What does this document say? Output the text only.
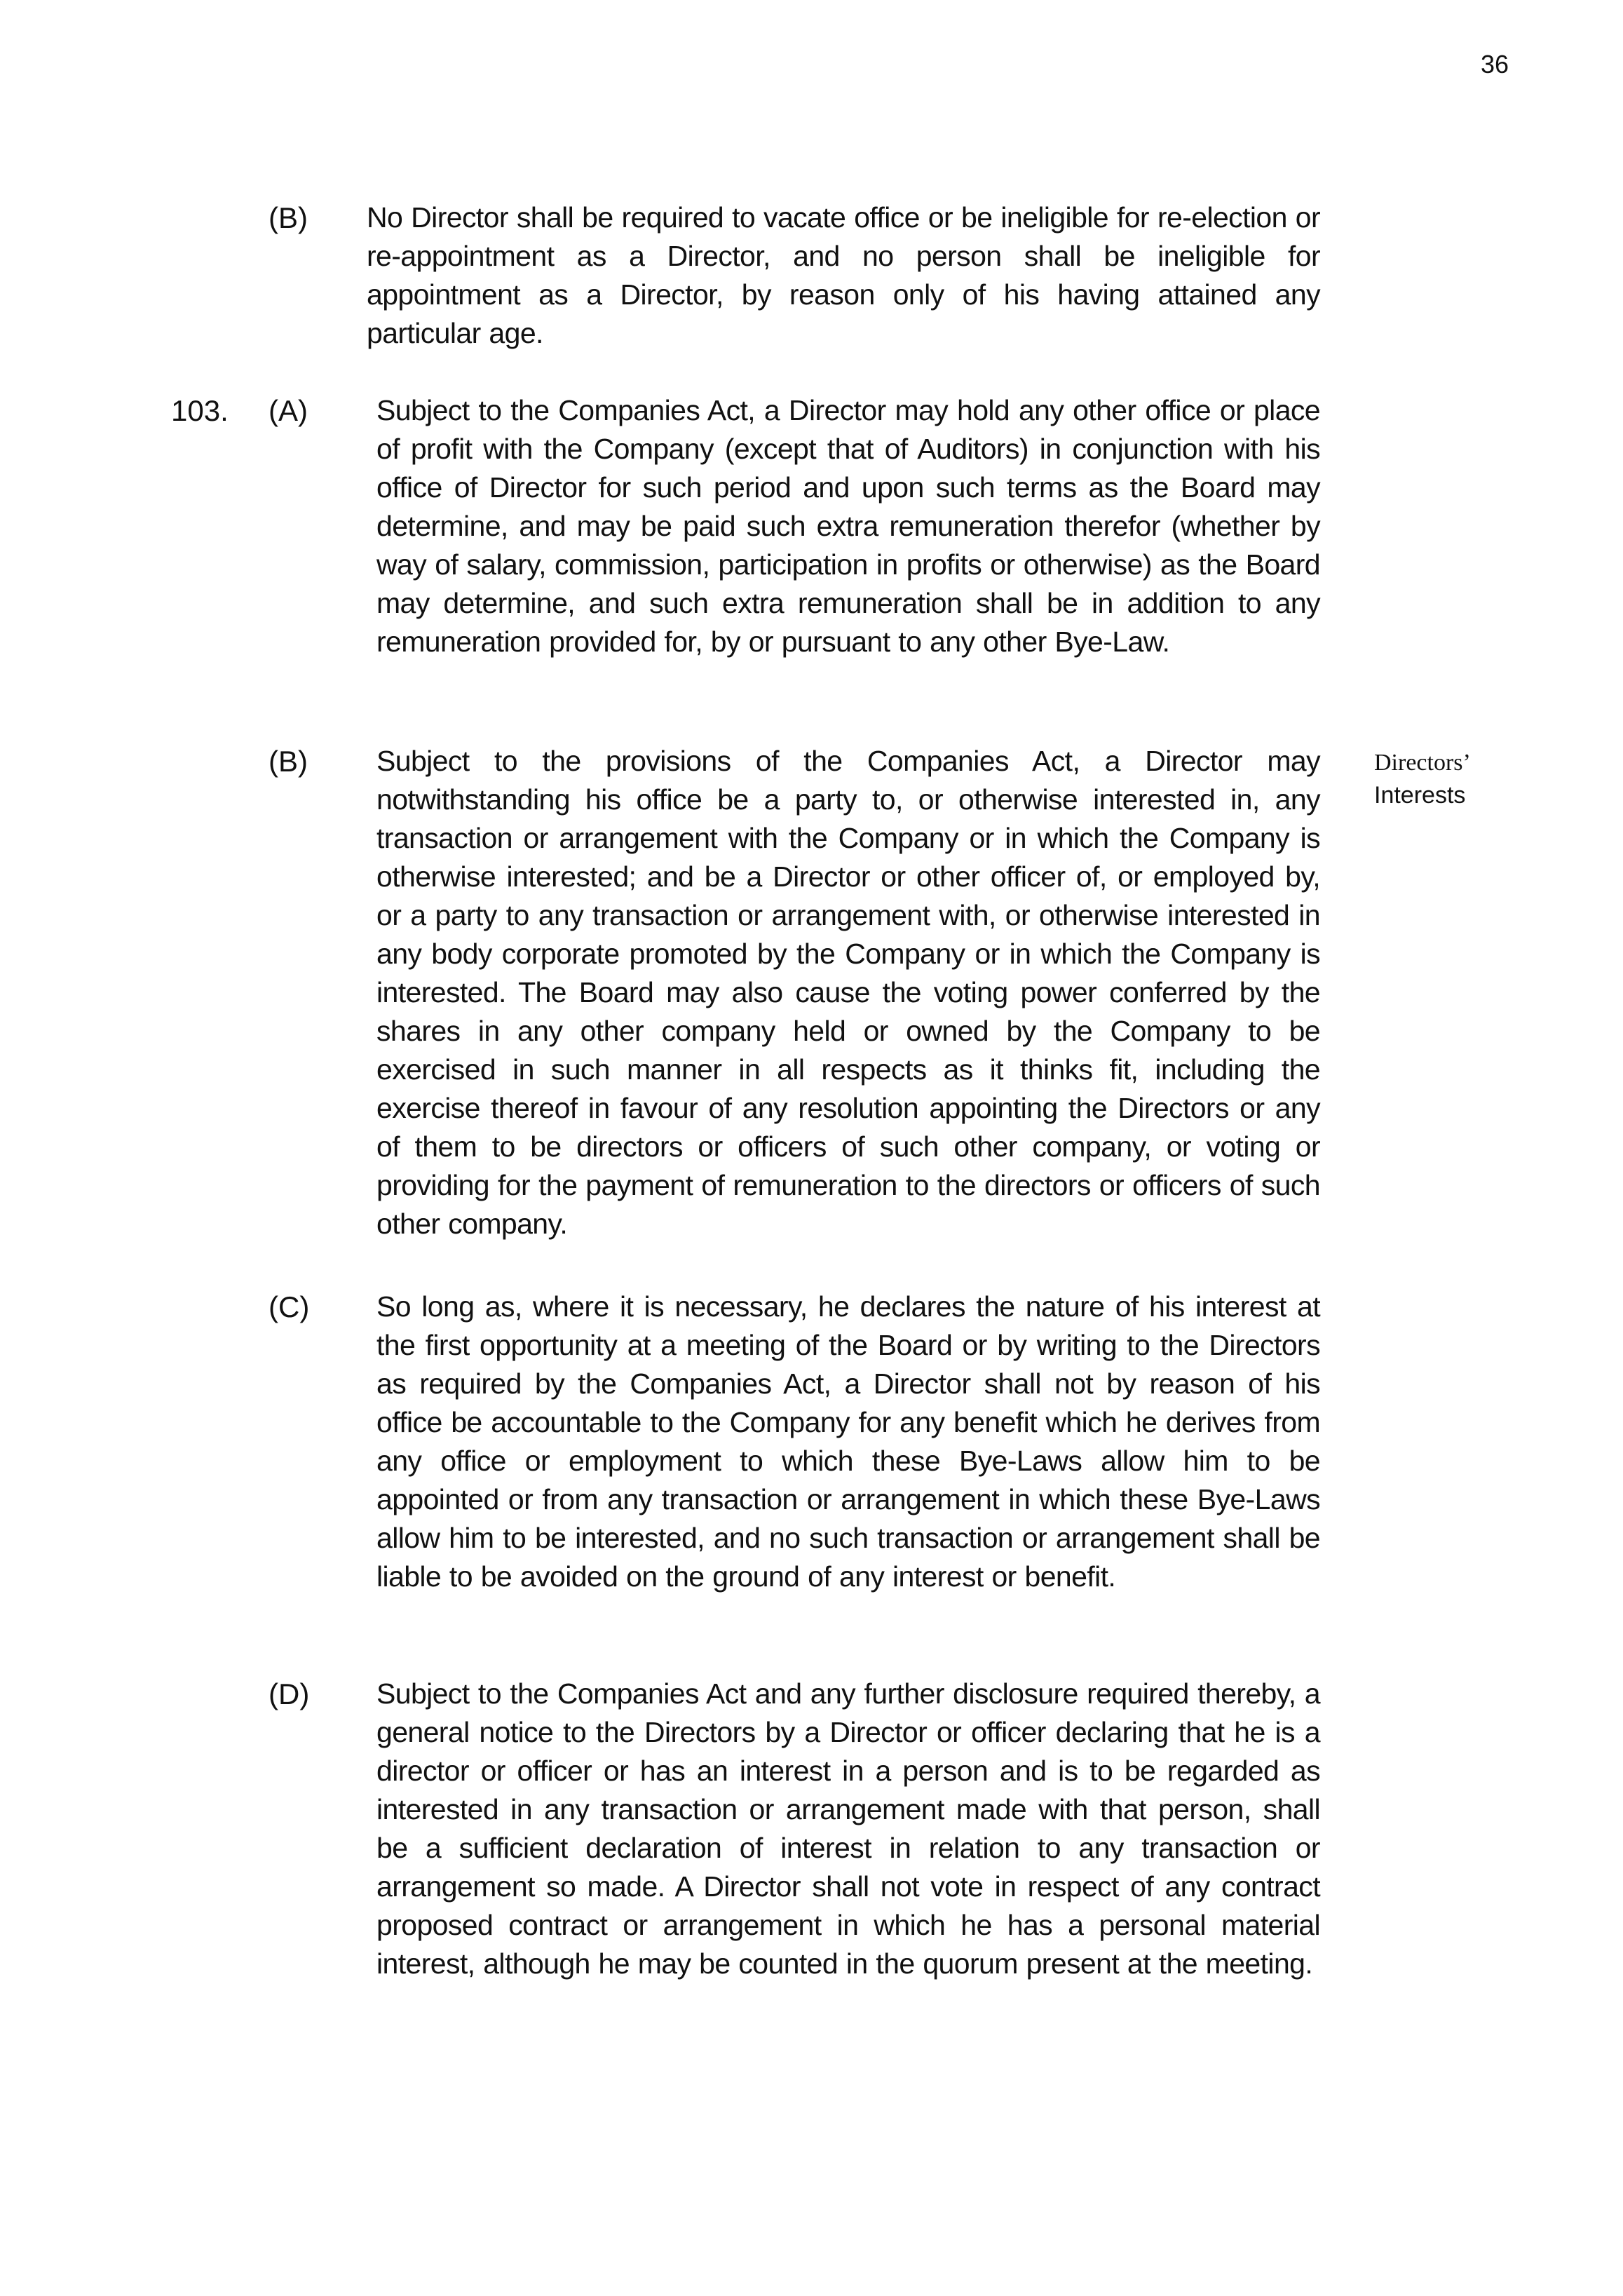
36
(B) No Director shall be required to vacate office or be ineligible for re-election or re-appointment as a Director, and no person shall be ineligible for appointment as a Director, by reason only of his having attained any particular age.

103. (A) Subject to the Companies Act, a Director may hold any other office or place of profit with the Company (except that of Auditors) in conjunction with his office of Director for such period and upon such terms as the Board may determine, and may be paid such extra remuneration therefor (whether by way of salary, commission, participation in profits or otherwise) as the Board may determine, and such extra remuneration shall be in addition to any remuneration provided for, by or pursuant to any other Bye-Law.

(B) Subject to the provisions of the Companies Act, a Director may notwithstanding his office be a party to, or otherwise interested in, any transaction or arrangement with the Company or in which the Company is otherwise interested; and be a Director or other officer of, or employed by, or a party to any transaction or arrangement with, or otherwise interested in any body corporate promoted by the Company or in which the Company is interested. The Board may also cause the voting power conferred by the shares in any other company held or owned by the Company to be exercised in such manner in all respects as it thinks fit, including the exercise thereof in favour of any resolution appointing the Directors or any of them to be directors or officers of such other company, or voting or providing for the payment of remuneration to the directors or officers of such other company.

Directors’
Interests
(C) So long as, where it is necessary, he declares the nature of his interest at the first opportunity at a meeting of the Board or by writing to the Directors as required by the Companies Act, a Director shall not by reason of his office be accountable to the Company for any benefit which he derives from any office or employment to which these Bye-Laws allow him to be appointed or from any transaction or arrangement in which these Bye-Laws allow him to be interested, and no such transaction or arrangement shall be liable to be avoided on the ground of any interest or benefit.

(D) Subject to the Companies Act and any further disclosure required thereby, a general notice to the Directors by a Director or officer declaring that he is a director or officer or has an interest in a person and is to be regarded as interested in any transaction or arrangement made with that person, shall be a sufficient declaration of interest in relation to any transaction or arrangement so made. A Director shall not vote in respect of any contract proposed contract or arrangement in which he has a personal material interest, although he may be counted in the quorum present at the meeting.
